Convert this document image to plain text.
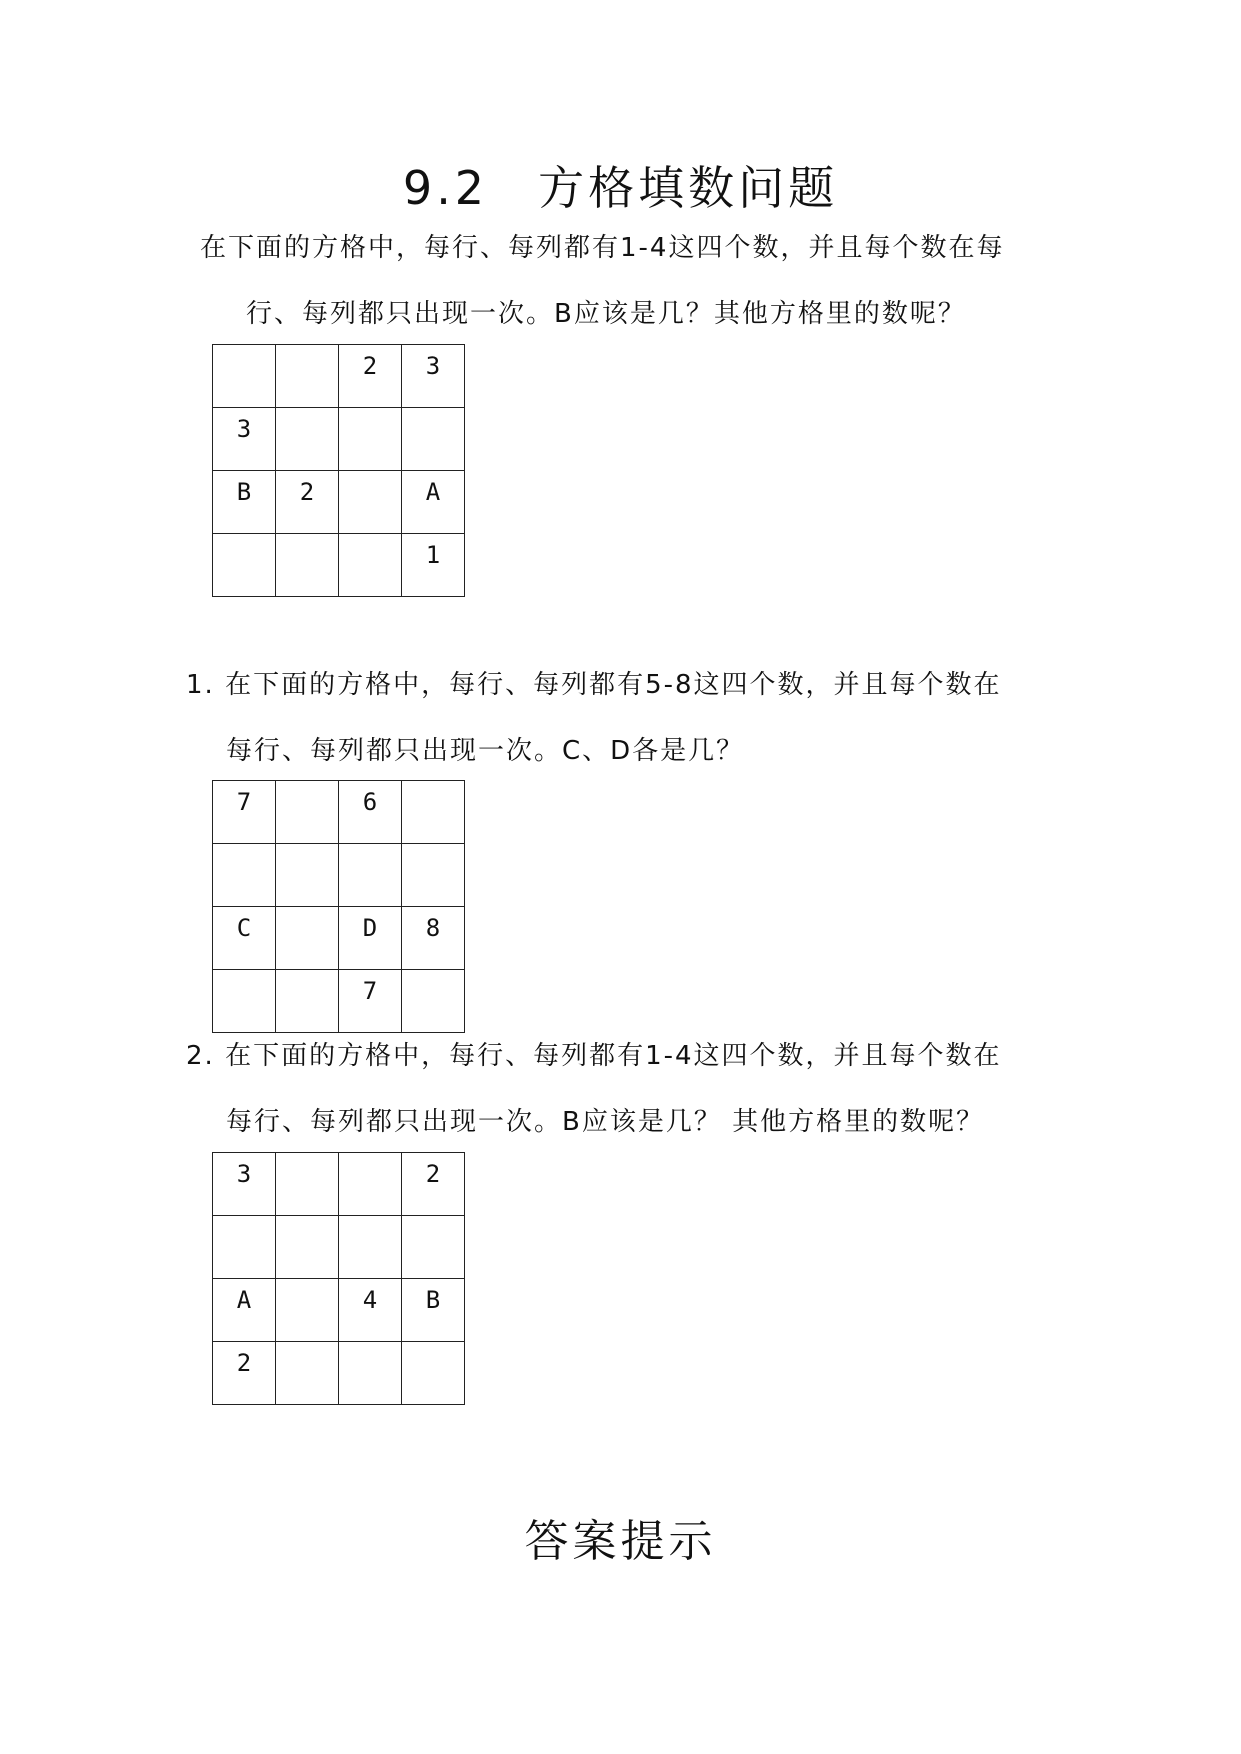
9.2　方格填数问题
在下面的方格中，每行、每列都有1-4这四个数，并且每个数在每
行、每列都只出现一次。B应该是几？其他方格里的数呢？
		2	3
3			
B	2		A
			1
1. 在下面的方格中，每行、每列都有5-8这四个数，并且每个数在
每行、每列都只出现一次。C、D各是几？
7		6	

C		D	8
		7	
2. 在下面的方格中，每行、每列都有1-4这四个数，并且每个数在
每行、每列都只出现一次。B应该是几？ 其他方格里的数呢？
3			2

A		4	B
2			
答案提示
